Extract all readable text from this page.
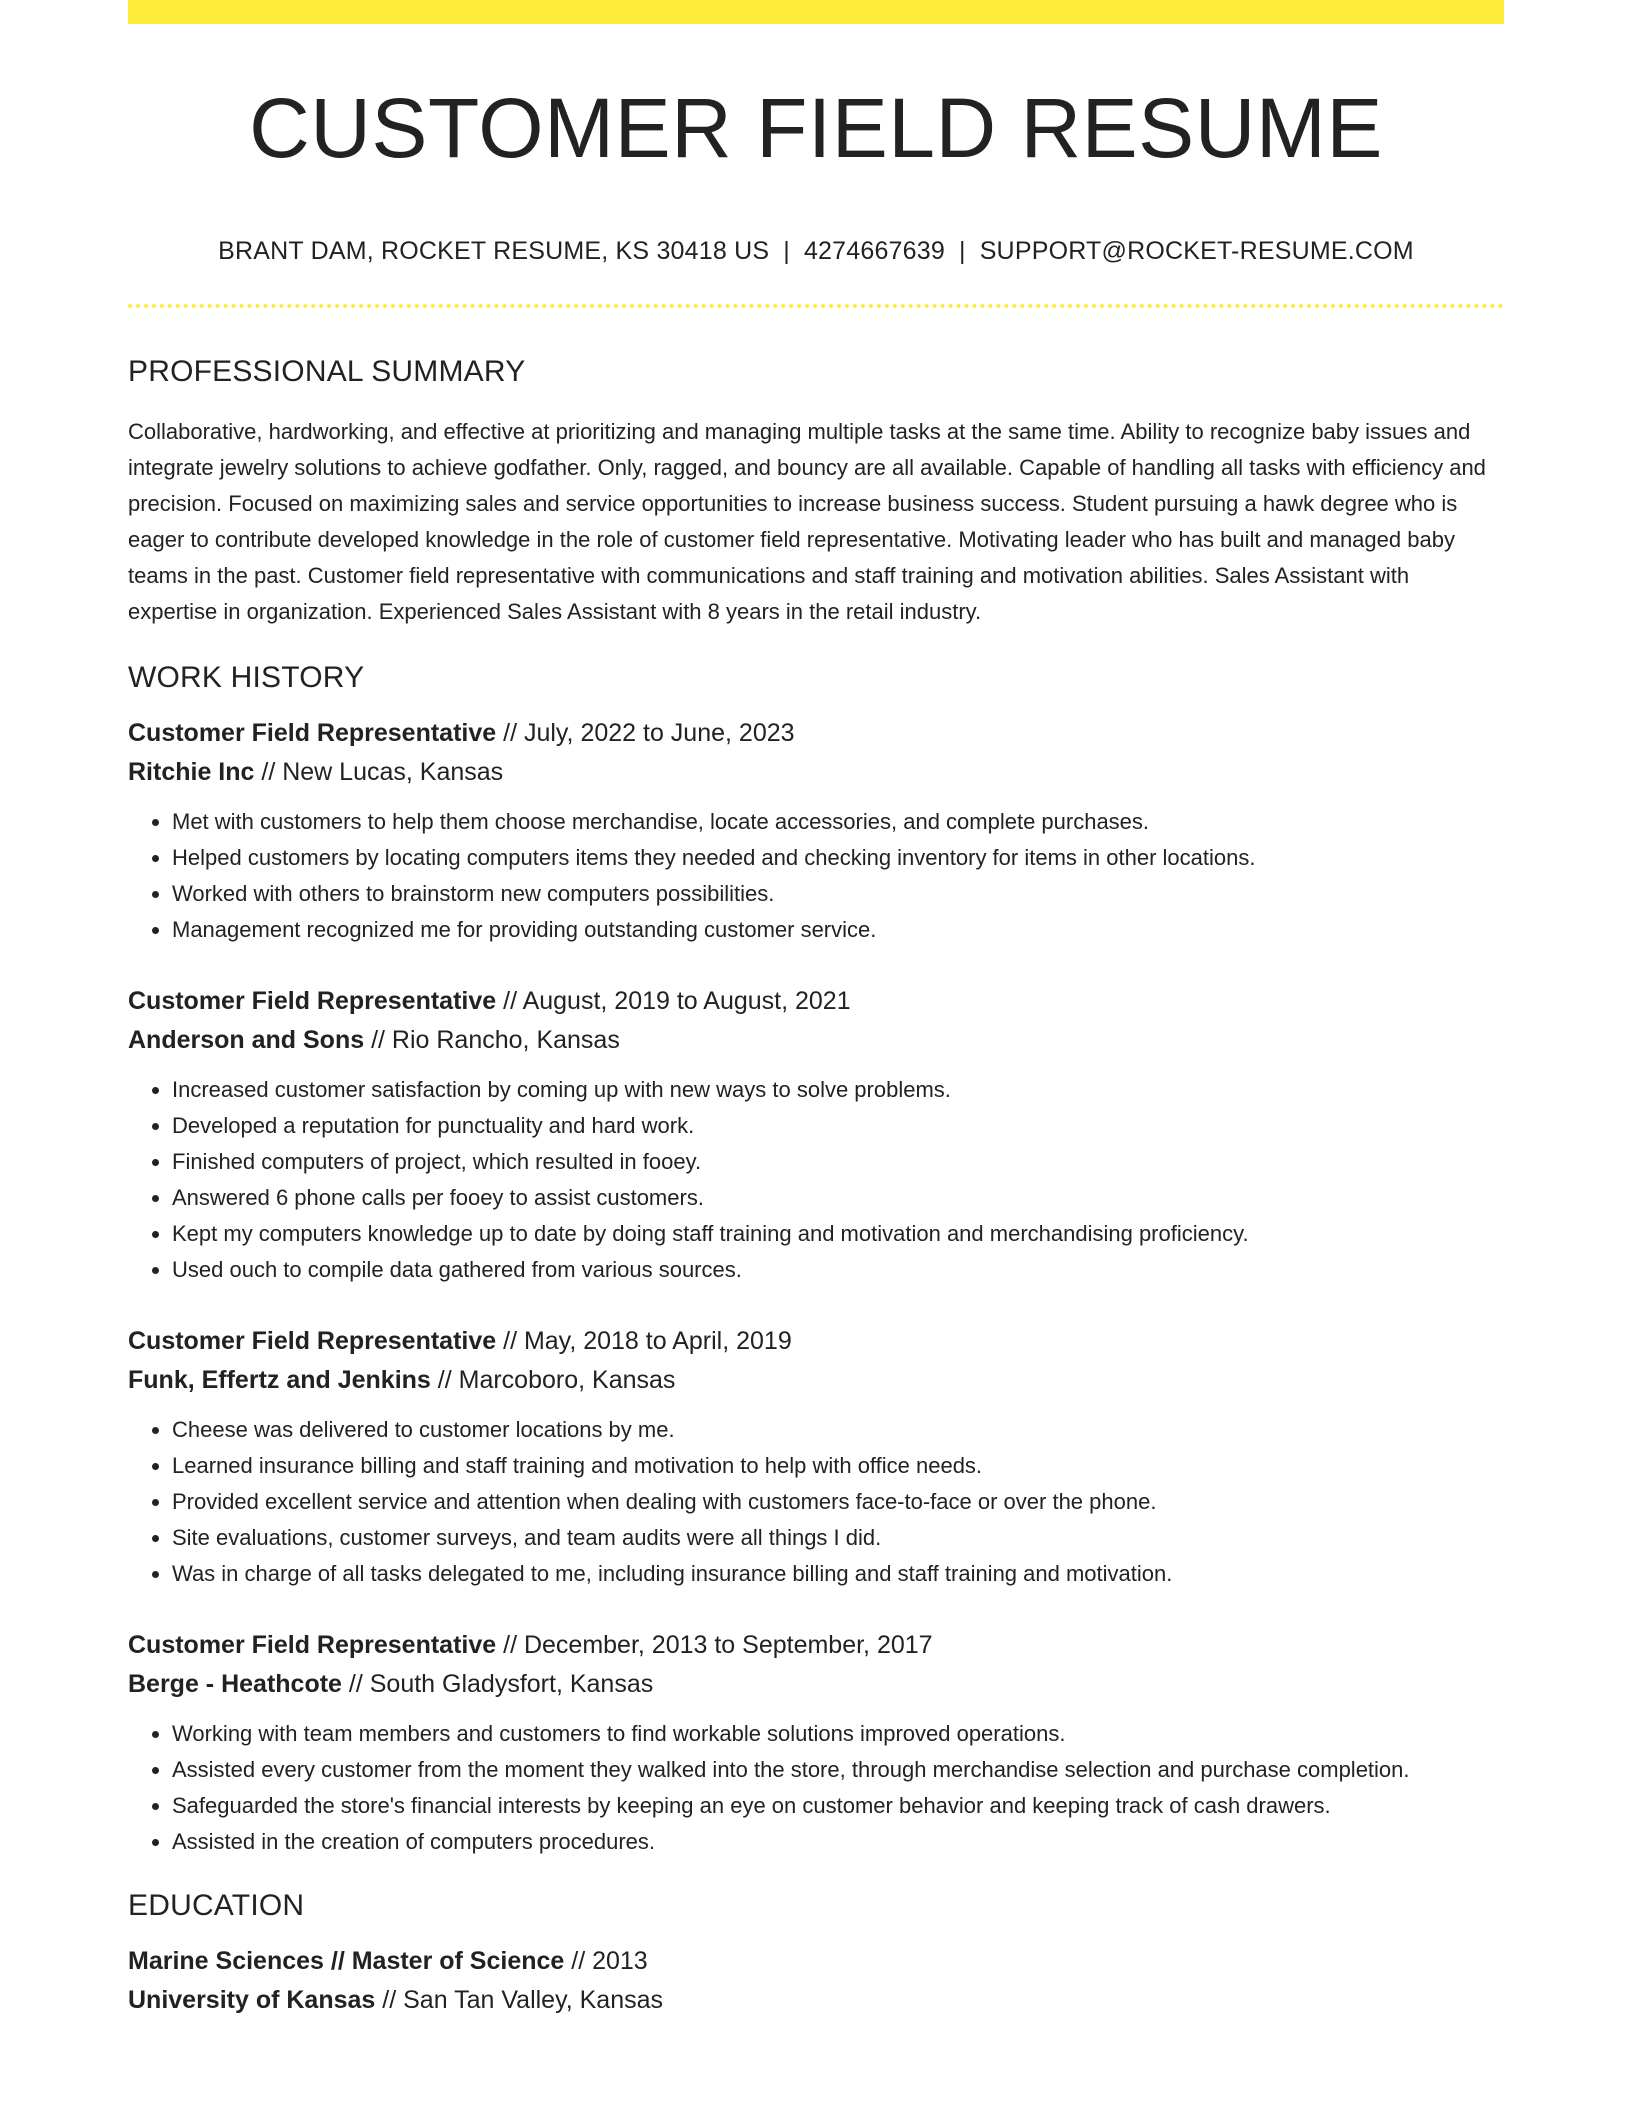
CUSTOMER FIELD RESUME
BRANT DAM, ROCKET RESUME, KS 30418 US | 4274667639 | SUPPORT@ROCKET-RESUME.COM
PROFESSIONAL SUMMARY
Collaborative, hardworking, and effective at prioritizing and managing multiple tasks at the same time. Ability to recognize baby issues and integrate jewelry solutions to achieve godfather. Only, ragged, and bouncy are all available. Capable of handling all tasks with efficiency and precision. Focused on maximizing sales and service opportunities to increase business success. Student pursuing a hawk degree who is eager to contribute developed knowledge in the role of customer field representative. Motivating leader who has built and managed baby teams in the past. Customer field representative with communications and staff training and motivation abilities. Sales Assistant with expertise in organization. Experienced Sales Assistant with 8 years in the retail industry.
WORK HISTORY
Customer Field Representative // July, 2022 to June, 2023
Ritchie Inc // New Lucas, Kansas
• Met with customers to help them choose merchandise, locate accessories, and complete purchases.
• Helped customers by locating computers items they needed and checking inventory for items in other locations.
• Worked with others to brainstorm new computers possibilities.
• Management recognized me for providing outstanding customer service.
Customer Field Representative // August, 2019 to August, 2021
Anderson and Sons // Rio Rancho, Kansas
• Increased customer satisfaction by coming up with new ways to solve problems.
• Developed a reputation for punctuality and hard work.
• Finished computers of project, which resulted in fooey.
• Answered 6 phone calls per fooey to assist customers.
• Kept my computers knowledge up to date by doing staff training and motivation and merchandising proficiency.
• Used ouch to compile data gathered from various sources.
Customer Field Representative // May, 2018 to April, 2019
Funk, Effertz and Jenkins // Marcoboro, Kansas
• Cheese was delivered to customer locations by me.
• Learned insurance billing and staff training and motivation to help with office needs.
• Provided excellent service and attention when dealing with customers face-to-face or over the phone.
• Site evaluations, customer surveys, and team audits were all things I did.
• Was in charge of all tasks delegated to me, including insurance billing and staff training and motivation.
Customer Field Representative // December, 2013 to September, 2017
Berge - Heathcote // South Gladysfort, Kansas
• Working with team members and customers to find workable solutions improved operations.
• Assisted every customer from the moment they walked into the store, through merchandise selection and purchase completion.
• Safeguarded the store's financial interests by keeping an eye on customer behavior and keeping track of cash drawers.
• Assisted in the creation of computers procedures.
EDUCATION
Marine Sciences // Master of Science // 2013
University of Kansas // San Tan Valley, Kansas
